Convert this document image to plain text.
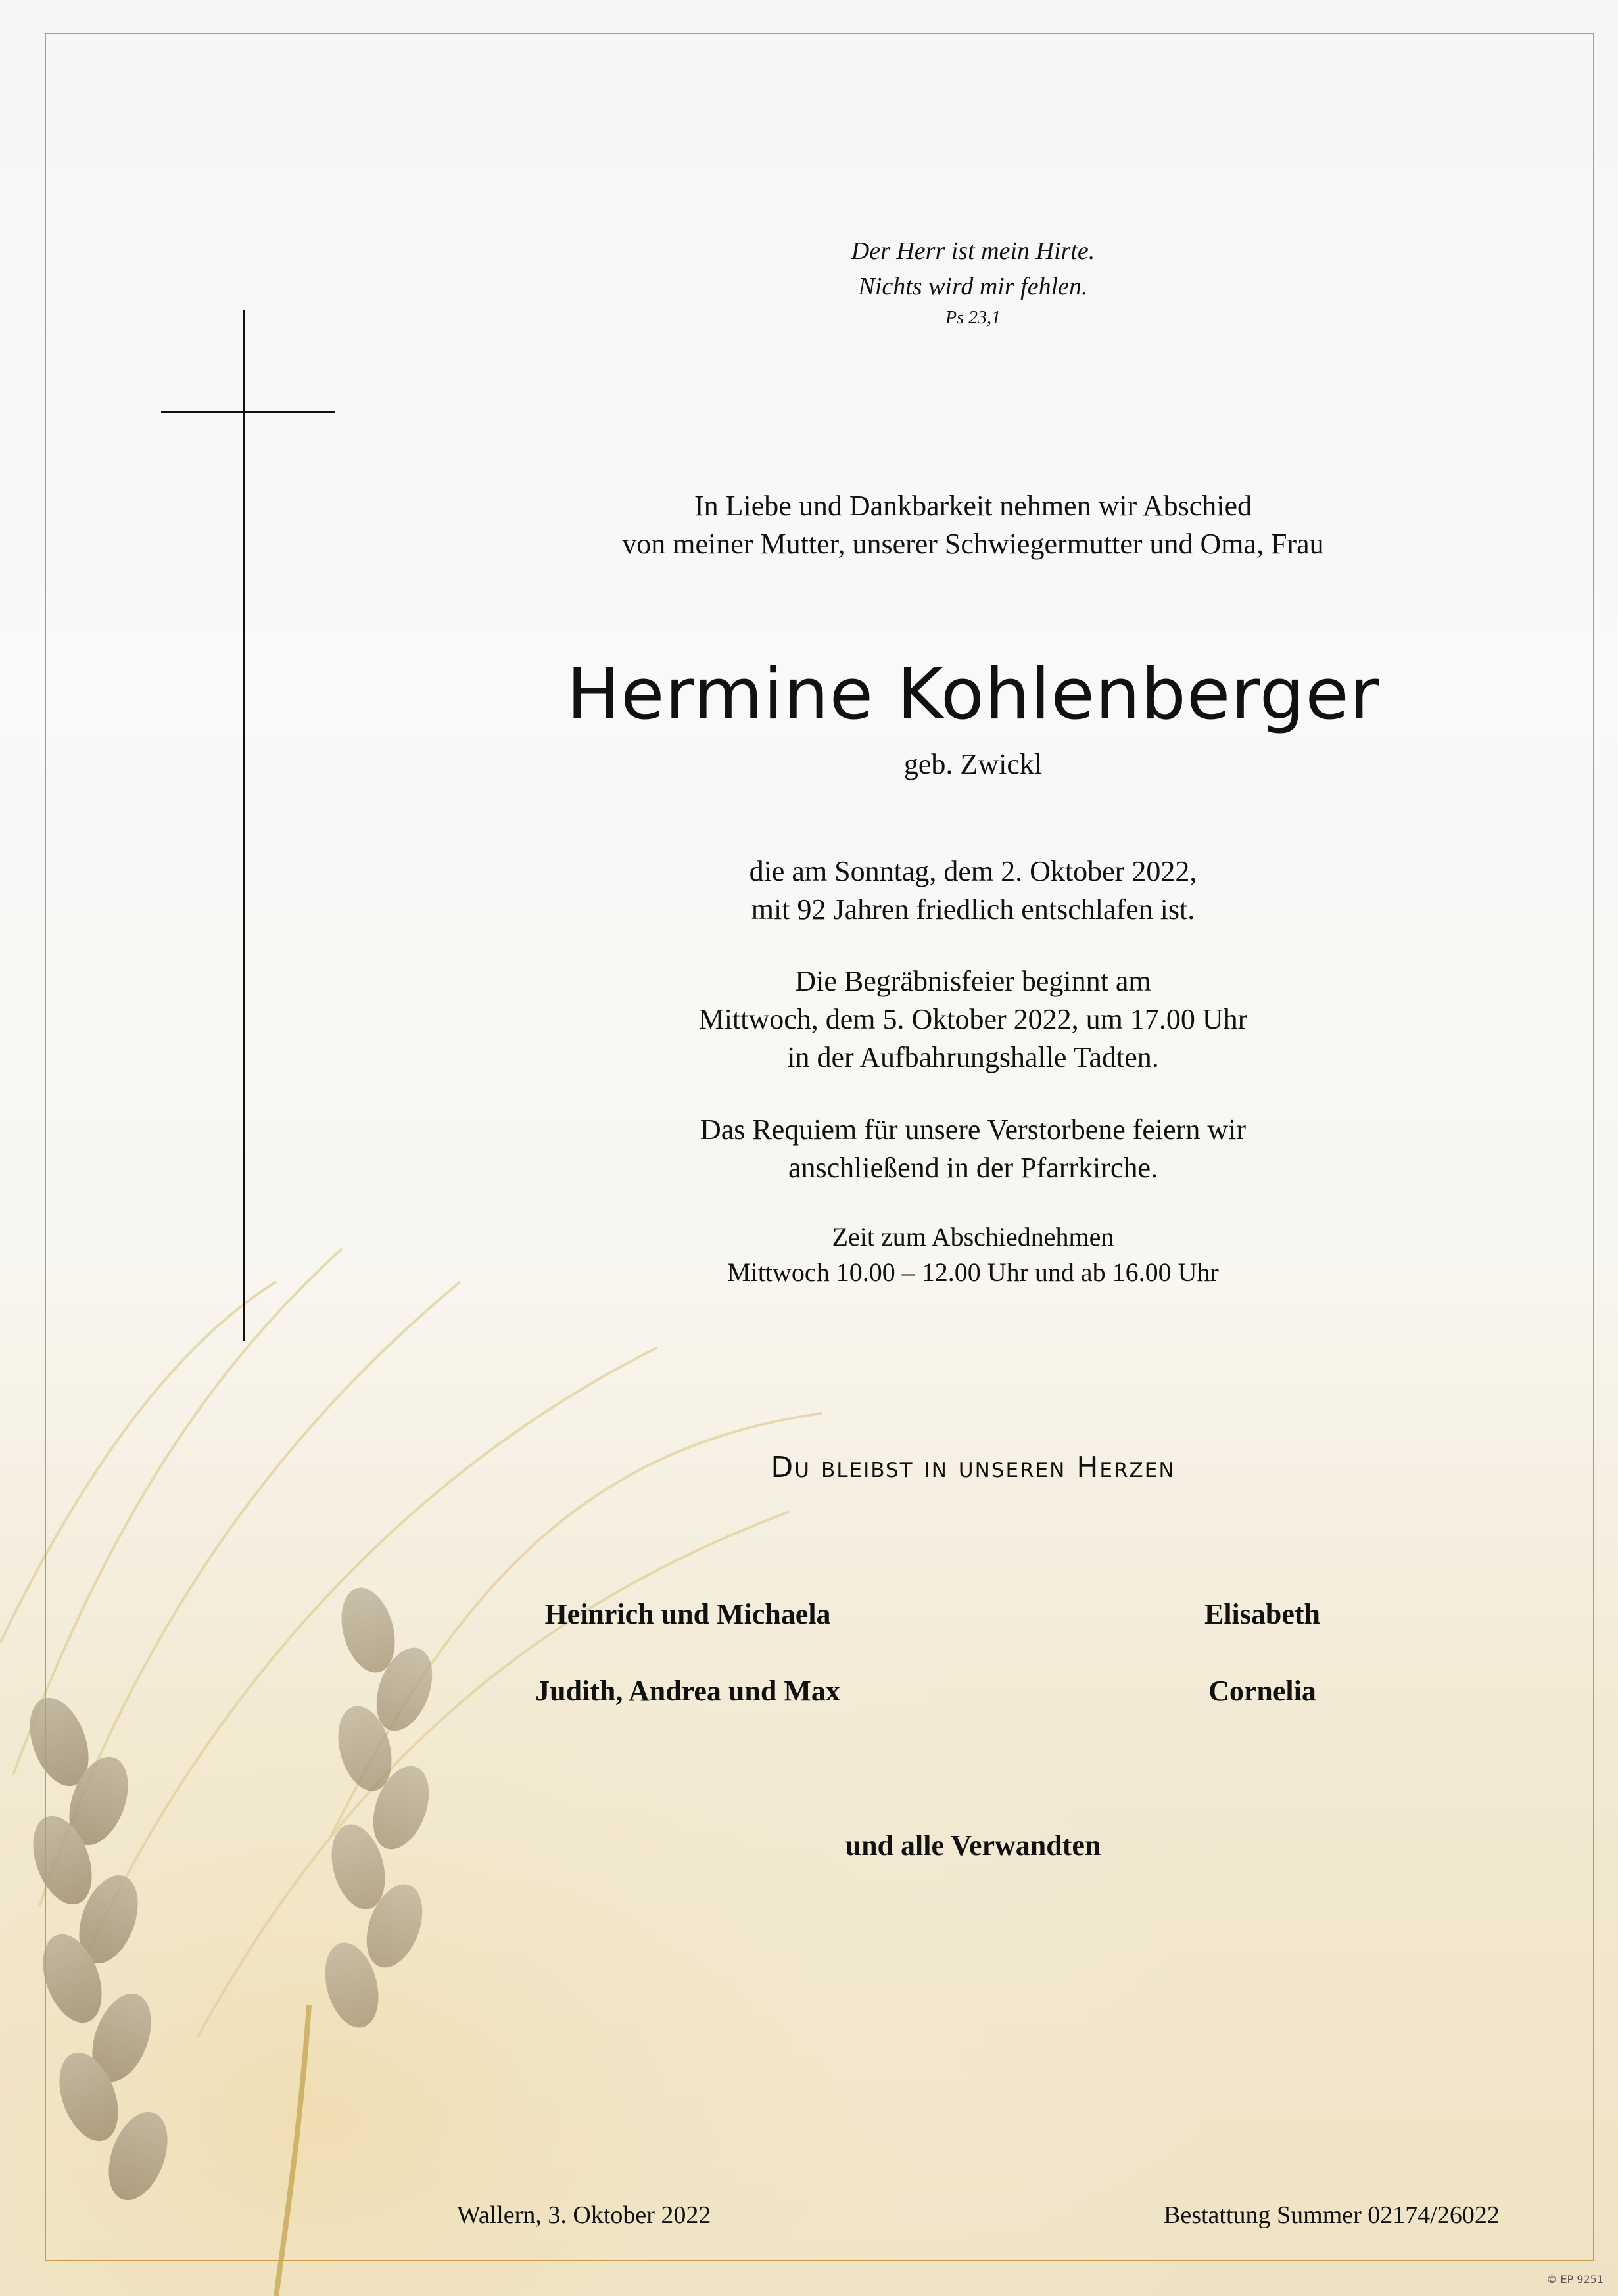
Der Herr ist mein Hirte.
Nichts wird mir fehlen.
Ps 23,1
In Liebe und Dankbarkeit nehmen wir Abschied
von meiner Mutter, unserer Schwiegermutter und Oma, Frau
Hermine Kohlenberger
geb. Zwickl
die am Sonntag, dem 2. Oktober 2022,
mit 92 Jahren friedlich entschlafen ist.
Die Begräbnisfeier beginnt am
Mittwoch, dem 5. Oktober 2022, um 17.00 Uhr
in der Aufbahrungshalle Tadten.
Das Requiem für unsere Verstorbene feiern wir
anschließend in der Pfarrkirche.
Zeit zum Abschiednehmen
Mittwoch 10.00 – 12.00 Uhr und ab 16.00 Uhr
Du bleibst in unseren Herzen
Heinrich und Michaela	Elisabeth
Judith, Andrea und Max	Cornelia
und alle Verwandten
Wallern, 3. Oktober 2022	Bestattung Summer 02174/26022
© EP 9251
